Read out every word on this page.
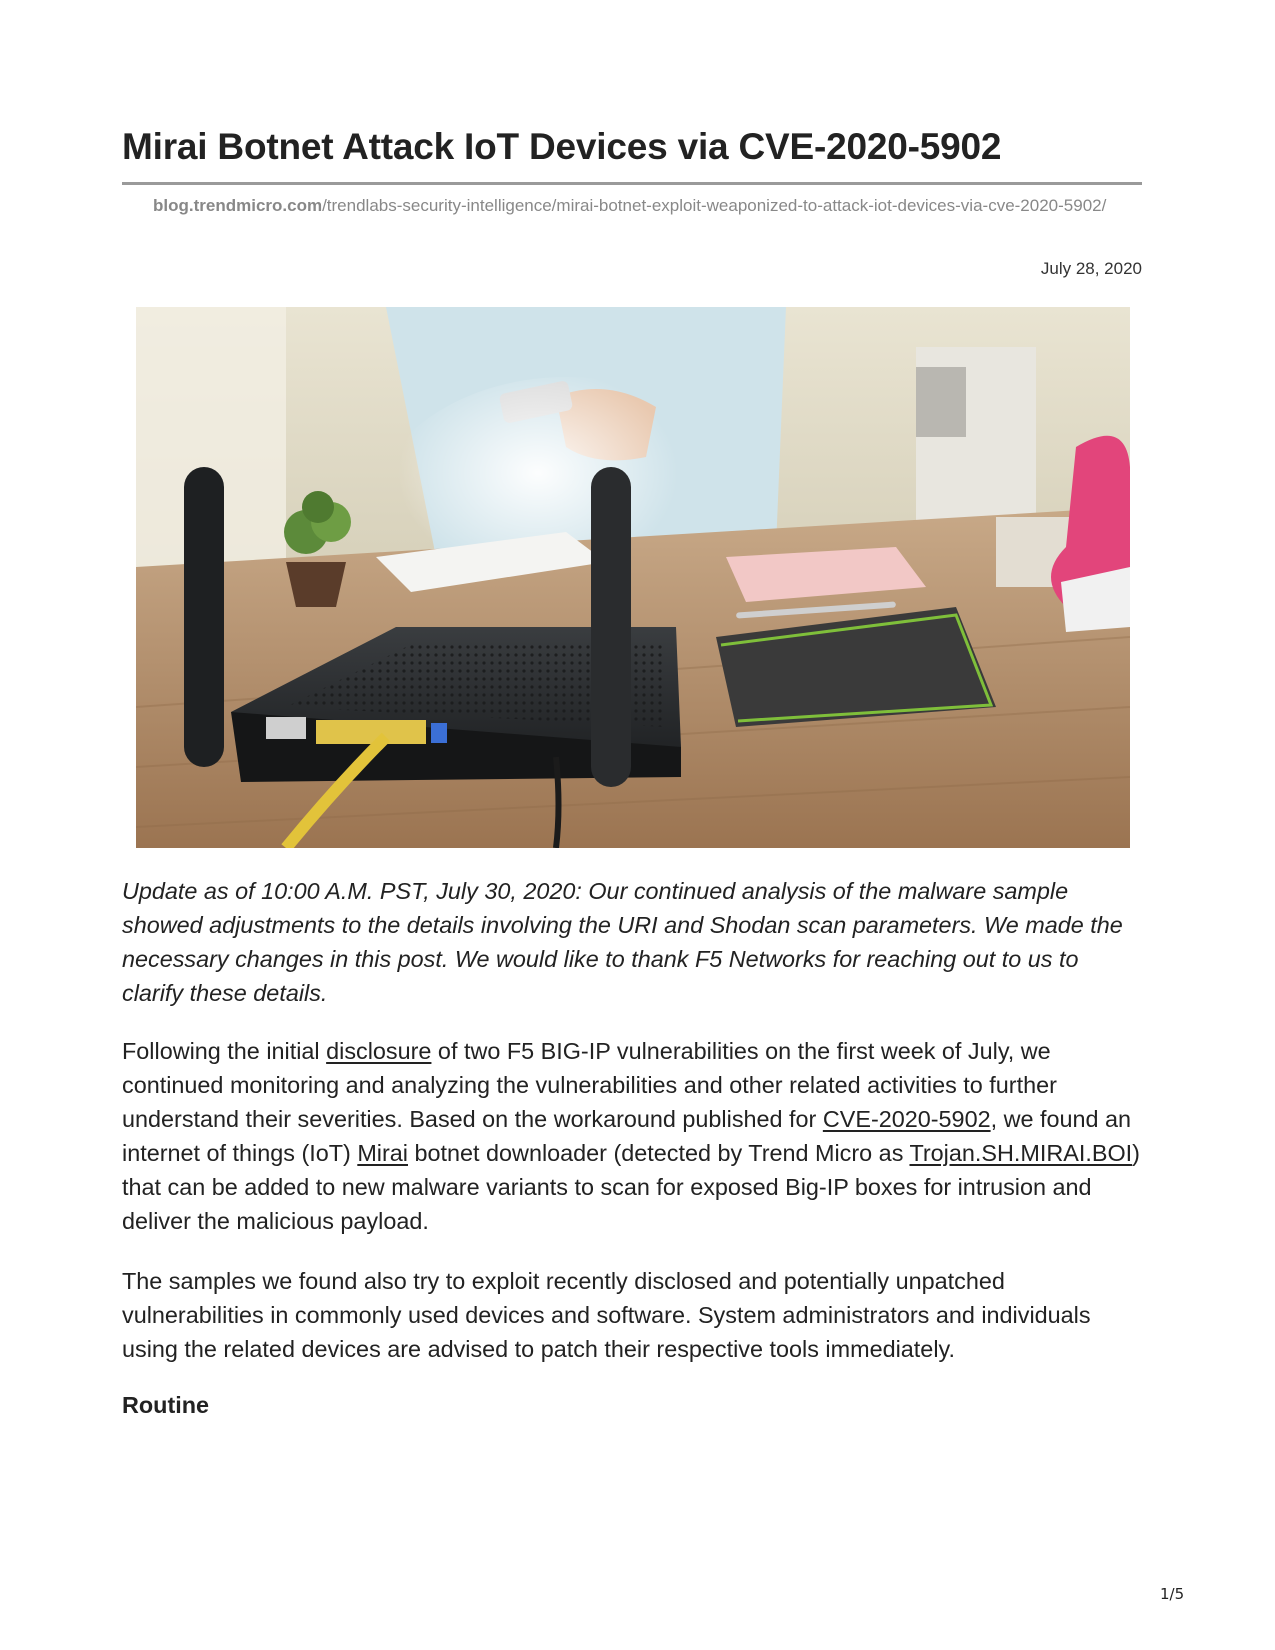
Mirai Botnet Attack IoT Devices via CVE-2020-5902
blog.trendmicro.com/trendlabs-security-intelligence/mirai-botnet-exploit-weaponized-to-attack-iot-devices-via-cve-2020-5902/
July 28, 2020

Update as of 10:00 A.M. PST, July 30, 2020: Our continued analysis of the malware sample showed adjustments to the details involving the URI and Shodan scan parameters. We made the necessary changes in this post. We would like to thank F5 Networks for reaching out to us to clarify these details.

Following the initial disclosure of two F5 BIG-IP vulnerabilities on the first week of July, we continued monitoring and analyzing the vulnerabilities and other related activities to further understand their severities. Based on the workaround published for CVE-2020-5902, we found an internet of things (IoT) Mirai botnet downloader (detected by Trend Micro as Trojan.SH.MIRAI.BOI) that can be added to new malware variants to scan for exposed Big-IP boxes for intrusion and deliver the malicious payload.

The samples we found also try to exploit recently disclosed and potentially unpatched vulnerabilities in commonly used devices and software. System administrators and individuals using the related devices are advised to patch their respective tools immediately.

Routine
1/5
